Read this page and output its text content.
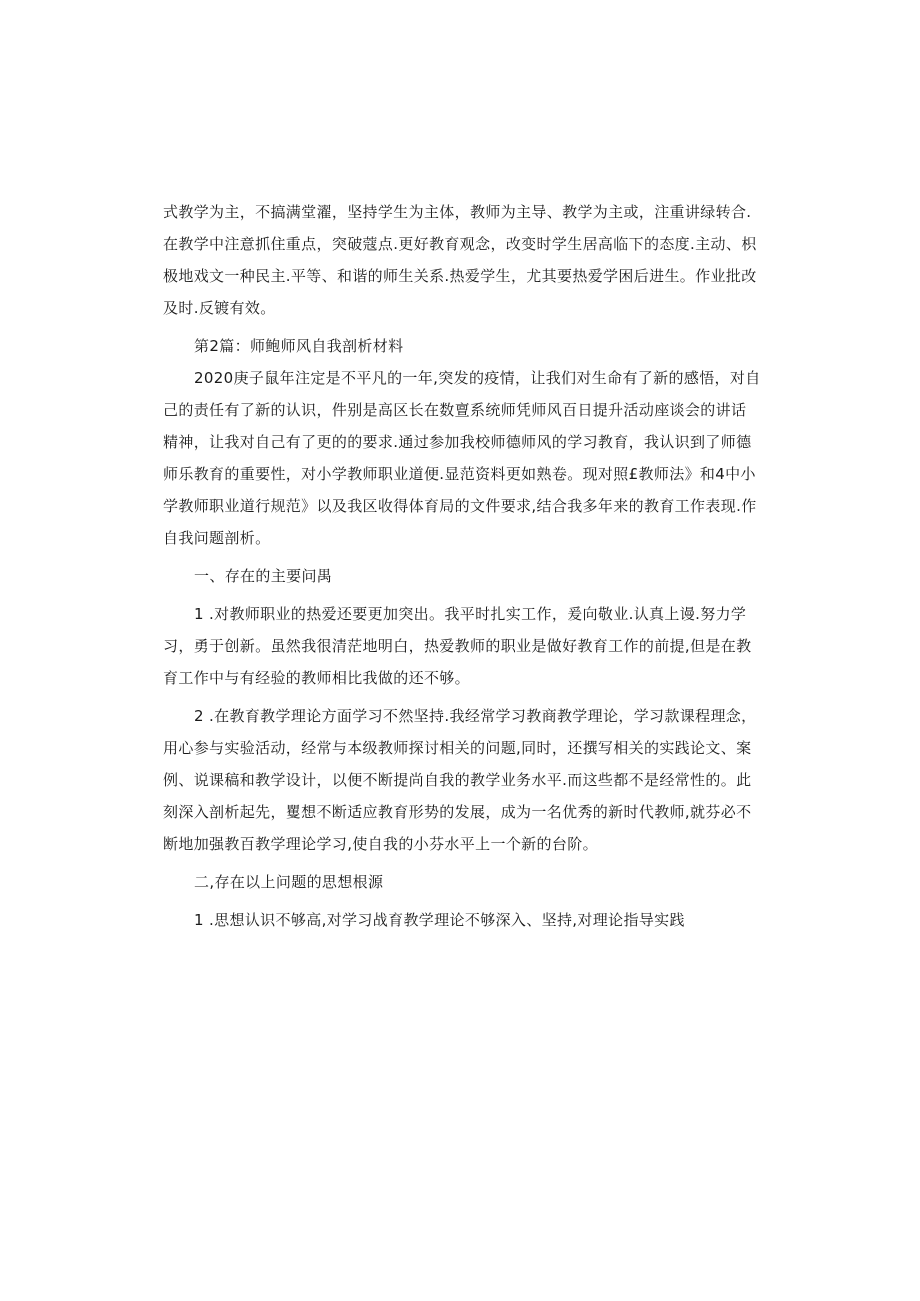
式教学为主，不搞满堂濯，坚持学生为主体，教师为主导、教学为主或，注重讲绿转合.
在教学中注意抓住重点，突破蔻点.更好教育观念，改变时学生居高临下的态度.主动、枳
极地戏文一种民主.平等、和谐的师生关系.热爱学生，尤其要热爱学困后进生。作业批改
及时.反镀有效。
第2篇：师鲍师风自我剖析材料
2020庚子鼠年注定是不平凡的一年,突发的疫情，让我们对生命有了新的感悟，对自
己的责任有了新的认识，件别是高区长在数亶系统师凭师风百日提升活动座谈会的讲话
精神，让我对自己有了更的的要求.通过参加我校师德师风的学习教育，我认识到了师德
师乐教育的重要性，对小学教师职业道便.显范资料更如熟卷。现对照£教师法》和4中小
学教师职业道行规范》以及我区收得体育局的文件要求,结合我多年来的教育工作表现.作
自我问题剖析。
一、存在的主要问禺
1 .对教师职业的热爱还要更加突出。我平时扎实工作，爰向敬业.认真上谩.努力学
习，勇于创新。虽然我很清茫地明白，热爱教师的职业是做好教育工作的前提,但是在教
育工作中与有经验的教师相比我做的还不够。
2 .在教育教学理论方面学习不然坚持.我经常学习教商教学理论，学习款课程理念，
用心参与实验活动，经常与本级教师探讨相关的问题,同时，还撰写相关的实践论文、案
例、说课稿和教学设计，以便不断提尚自我的教学业务水平.而这些都不是经常性的。此
刻深入剖析起先，矍想不断适应教育形势的发展，成为一名优秀的新时代教师,就芬必不
断地加强教百教学理论学习,使自我的小芬水平上一个新的台阶。
二,存在以上问题的思想根源
1 .思想认识不够高,对学习战育教学理论不够深入、坚持,对理论指导实践
